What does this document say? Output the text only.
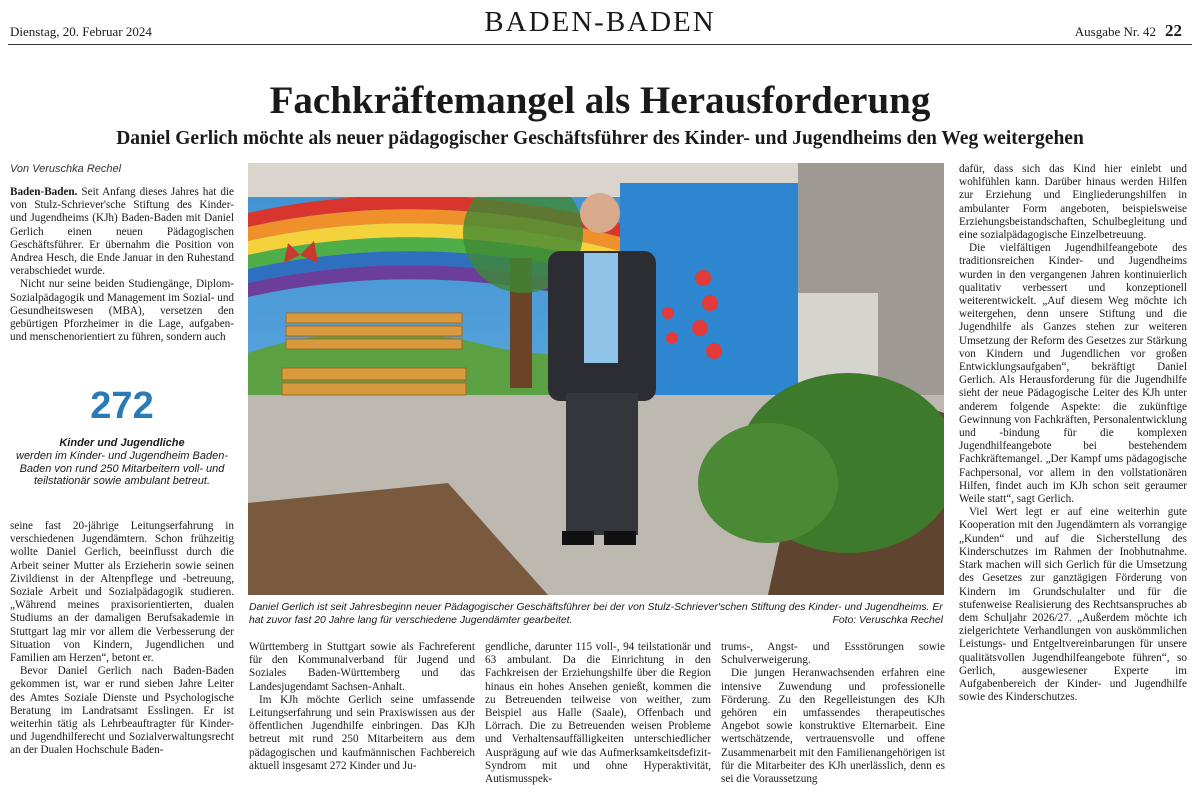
Dienstag, 20. Februar 2024	BADEN-BADEN	Ausgabe Nr. 42 22
Fachkräftemangel als Herausforderung
Daniel Gerlich möchte als neuer pädagogischer Geschäftsführer des Kinder- und Jugendheims den Weg weitergehen
Von Veruschka Rechel

Baden-Baden. Seit Anfang dieses Jahres hat die von Stulz-Schriever'sche Stiftung des Kinder- und Jugendheims (KJh) Baden-Baden mit Daniel Gerlich einen neuen Pädagogischen Geschäftsführer. Er übernahm die Position von Andrea Hesch, die Ende Januar in den Ruhestand verabschiedet wurde.

Nicht nur seine beiden Studiengänge, Diplom-Sozialpädagogik und Management im Sozial- und Gesundheitswesen (MBA), versetzen den gebürtigen Pforzheimer in die Lage, aufgaben- und menschenorientiert zu führen, sondern auch

272
Kinder und Jugendliche
werden im Kinder- und Jugendheim Baden-Baden von rund 250 Mitarbeitern voll- und teilstationär sowie ambulant betreut.

seine fast 20-jährige Leitungserfahrung in verschiedenen Jugendämtern. Schon frühzeitig wollte Daniel Gerlich, beeinflusst durch die Arbeit seiner Mutter als Erzieherin sowie seinen Zivildienst in der Altenpflege und -betreuung, Soziale Arbeit und Sozialpädagogik studieren. „Während meines praxisorientierten, dualen Studiums an der damaligen Berufsakademie in Stuttgart lag mir vor allem die Verbesserung der Situation von Kindern, Jugendlichen und Familien am Herzen“, betont er.

Bevor Daniel Gerlich nach Baden-Baden gekommen ist, war er rund sieben Jahre Leiter des Amtes Soziale Dienste und Psychologische Beratung im Landratsamt Esslingen. Er ist weiterhin tätig als Lehrbeauftragter für Kinder- und Jugendhilferecht und Sozialverwaltungsrecht an der Dualen Hochschule Baden-

Daniel Gerlich ist seit Jahresbeginn neuer Pädagogischer Geschäftsführer bei der von Stulz-Schriever'schen Stiftung des Kinder- und Jugendheims. Er hat zuvor fast 20 Jahre lang für verschiedene Jugendämter gearbeitet.	Foto: Veruschka Rechel

Württemberg in Stuttgart sowie als Fachreferent für den Kommunalverband für Jugend und Soziales Baden-Württemberg und das Landesjugendamt Sachsen-Anhalt.

Im KJh möchte Gerlich seine umfassende Leitungserfahrung und sein Praxiswissen aus der öffentlichen Jugendhilfe einbringen. Das KJh betreut mit rund 250 Mitarbeitern aus dem pädagogischen und kaufmännischen Fachbereich aktuell insgesamt 272 Kinder und Ju-

gendliche, darunter 115 voll-, 94 teilstationär und 63 ambulant. Da die Einrichtung in den Fachkreisen der Erziehungshilfe über die Region hinaus ein hohes Ansehen genießt, kommen die zu Betreuenden teilweise von weither, zum Beispiel aus Halle (Saale), Offenbach und Lörrach. Die zu Betreuenden weisen Probleme und Verhaltensauffälligkeiten unterschiedlicher Ausprägung auf wie das Aufmerksamkeitsdefizit-Syndrom mit und ohne Hyperaktivität, Autismusspek-

trums-, Angst- und Essstörungen sowie Schulverweigerung.

Die jungen Heranwachsenden erfahren eine intensive Zuwendung und professionelle Förderung. Zu den Regelleistungen des KJh gehören ein umfassendes therapeutisches Angebot sowie konstruktive Elternarbeit. Eine wertschätzende, vertrauensvolle und offene Zusammenarbeit mit den Familienangehörigen ist für die Mitarbeiter des KJh unerlässlich, denn es sei die Voraussetzung

dafür, dass sich das Kind hier einlebt und wohlfühlen kann. Darüber hinaus werden Hilfen zur Erziehung und Eingliederungshilfen in ambulanter Form angeboten, beispielsweise Erziehungsbeistandschaften, Schulbegleitung und eine sozialpädagogische Einzelbetreuung.

Die vielfältigen Jugendhilfeangebote des traditionsreichen Kinder- und Jugendheims wurden in den vergangenen Jahren kontinuierlich qualitativ verbessert und konzeptionell weiterentwickelt. „Auf diesem Weg möchte ich weitergehen, denn unsere Stiftung und die Jugendhilfe als Ganzes stehen zur weiteren Umsetzung der Reform des Gesetzes zur Stärkung von Kindern und Jugendlichen vor großen Entwicklungsaufgaben“, bekräftigt Daniel Gerlich. Als Herausforderung für die Jugendhilfe sieht der neue Pädagogische Leiter des KJh unter anderem folgende Aspekte: die zukünftige Gewinnung von Fachkräften, Personalentwicklung und -bindung für die komplexen Jugendhilfeangebote bei bestehendem Fachkräftemangel. „Der Kampf ums pädagogische Fachpersonal, vor allem in den vollstationären Hilfen, findet auch im KJh schon seit geraumer Weile statt“, sagt Gerlich.

Viel Wert legt er auf eine weiterhin gute Kooperation mit den Jugendämtern als vorrangige „Kunden“ und auf die Sicherstellung des Kinderschutzes im Rahmen der Inobhutnahme. Stark machen will sich Gerlich für die Umsetzung des Gesetzes zur ganztägigen Förderung von Kindern im Grundschulalter und für die stufenweise Realisierung des Rechtsanspruches ab dem Schuljahr 2026/27. „Außerdem möchte ich zielgerichtete Verhandlungen von auskömmlichen Leistungs- und Entgeltvereinbarungen für unsere qualitätsvollen Jugendhilfeangebote führen“, so Gerlich, ausgewiesener Experte im Aufgabenbereich der Kinder- und Jugendhilfe sowie des Kinderschutzes.
